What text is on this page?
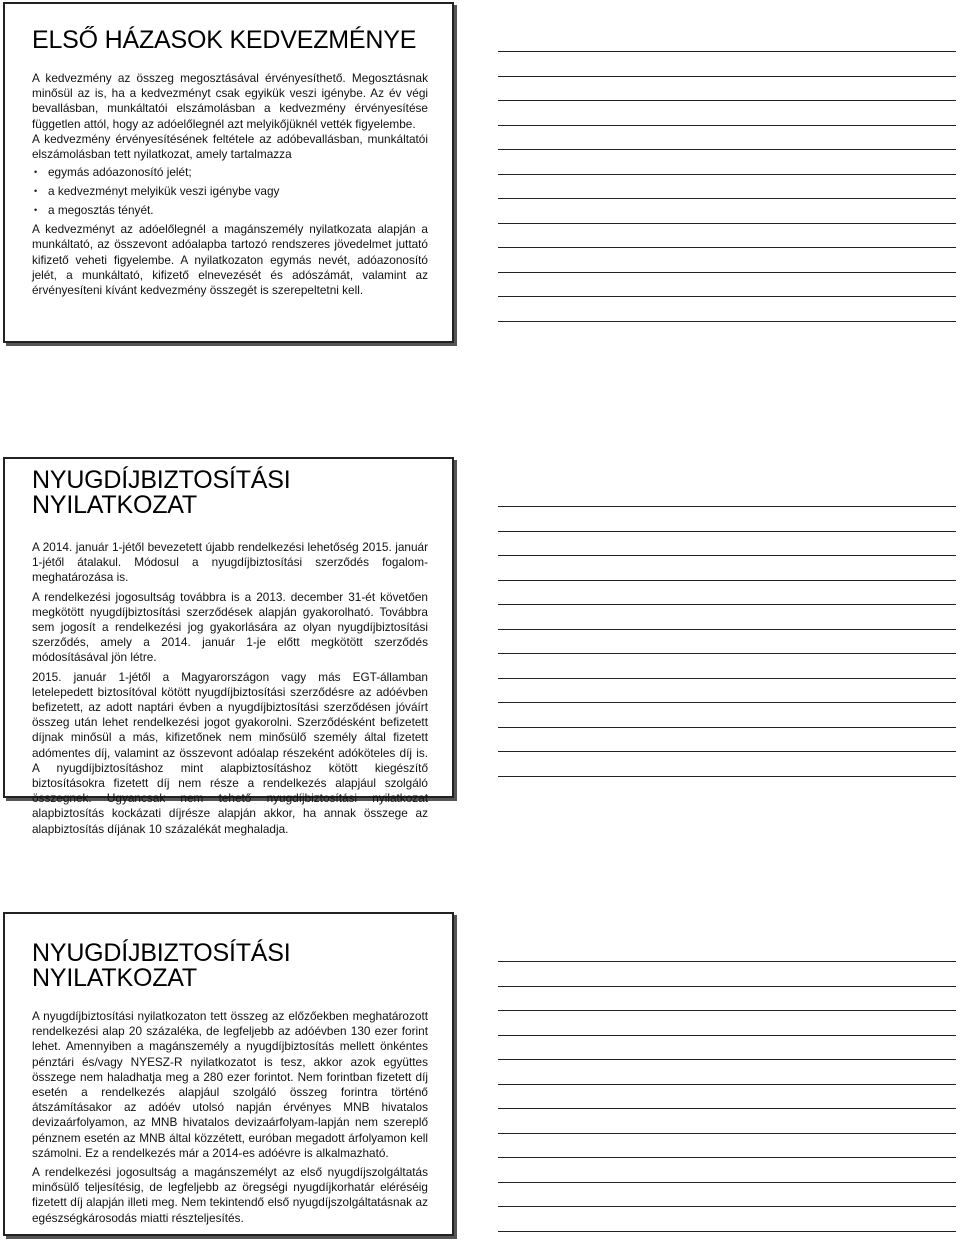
ELSŐ HÁZASOK KEDVEZMÉNYE

A kedvezmény az összeg megosztásával érvényesíthető. Megosztásnak minősül az is, ha a kedvezményt csak egyikük veszi igénybe. Az év végi bevallásban, munkáltatói elszámolásban a kedvezmény érvényesítése független attól, hogy az adóelőlegnél azt melyikőjüknél vették figyelembe.

A kedvezmény érvényesítésének feltétele az adóbevallásban, munkáltatói elszámolásban tett nyilatkozat, amely tartalmazza

• egymás adóazonosító jelét;
• a kedvezményt melyikük veszi igénybe vagy
• a megosztás tényét.

A kedvezményt az adóelőlegnél a magánszemély nyilatkozata alapján a munkáltató, az összevont adóalapba tartozó rendszeres jövedelmet juttató kifizető veheti figyelembe. A nyilatkozaton egymás nevét, adóazonosító jelét, a munkáltató, kifizető elnevezését és adószámát, valamint az érvényesíteni kívánt kedvezmény összegét is szerepeltetni kell.

NYUGDÍJBIZTOSÍTÁSI NYILATKOZAT

A 2014. január 1-jétől bevezetett újabb rendelkezési lehetőség 2015. január 1-jétől átalakul. Módosul a nyugdíjbiztosítási szerződés fogalom-meghatározása is.

A rendelkezési jogosultság továbbra is a 2013. december 31-ét követően megkötött nyugdíjbiztosítási szerződések alapján gyakorolható. Továbbra sem jogosít a rendelkezési jog gyakorlására az olyan nyugdíjbiztosítási szerződés, amely a 2014. január 1-je előtt megkötött szerződés módosításával jön létre.

2015. január 1-jétől a Magyarországon vagy más EGT-államban letelepedett biztosítóval kötött nyugdíjbiztosítási szerződésre az adóévben befizetett, az adott naptári évben a nyugdíjbiztosítási szerződésen jóváírt összeg után lehet rendelkezési jogot gyakorolni. Szerződésként befizetett díjnak minősül a más, kifizetőnek nem minősülő személy által fizetett adómentes díj, valamint az összevont adóalap részeként adóköteles díj is. A nyugdíjbiztosításhoz mint alapbiztosításhoz kötött kiegészítő biztosításokra fizetett díj nem része a rendelkezés alapjául szolgáló összegnek. Ugyancsak nem tehető nyugdíjbiztosítási nyilatkozat alapbiztosítás kockázati díjrésze alapján akkor, ha annak összege az alapbiztosítás díjának 10 százalékát meghaladja.

NYUGDÍJBIZTOSÍTÁSI NYILATKOZAT

A nyugdíjbiztosítási nyilatkozaton tett összeg az előzőekben meghatározott rendelkezési alap 20 százaléka, de legfeljebb az adóévben 130 ezer forint lehet. Amennyiben a magánszemély a nyugdíjbiztosítás mellett önkéntes pénztári és/vagy NYESZ-R nyilatkozatot is tesz, akkor azok együttes összege nem haladhatja meg a 280 ezer forintot. Nem forintban fizetett díj esetén a rendelkezés alapjául szolgáló összeg forintra történő átszámításakor az adóév utolsó napján érvényes MNB hivatalos devizaárfolyamon, az MNB hivatalos devizaárfolyam-lapján nem szereplő pénznem esetén az MNB által közzétett, euróban megadott árfolyamon kell számolni. Ez a rendelkezés már a 2014-es adóévre is alkalmazható.

A rendelkezési jogosultság a magánszemélyt az első nyugdíjszolgáltatás minősülő teljesítésig, de legfeljebb az öregségi nyugdíjkorhatár eléréséig fizetett díj alapján illeti meg. Nem tekintendő első nyugdíjszolgáltatásnak az egészségkárosodás miatti részteljesítés.
